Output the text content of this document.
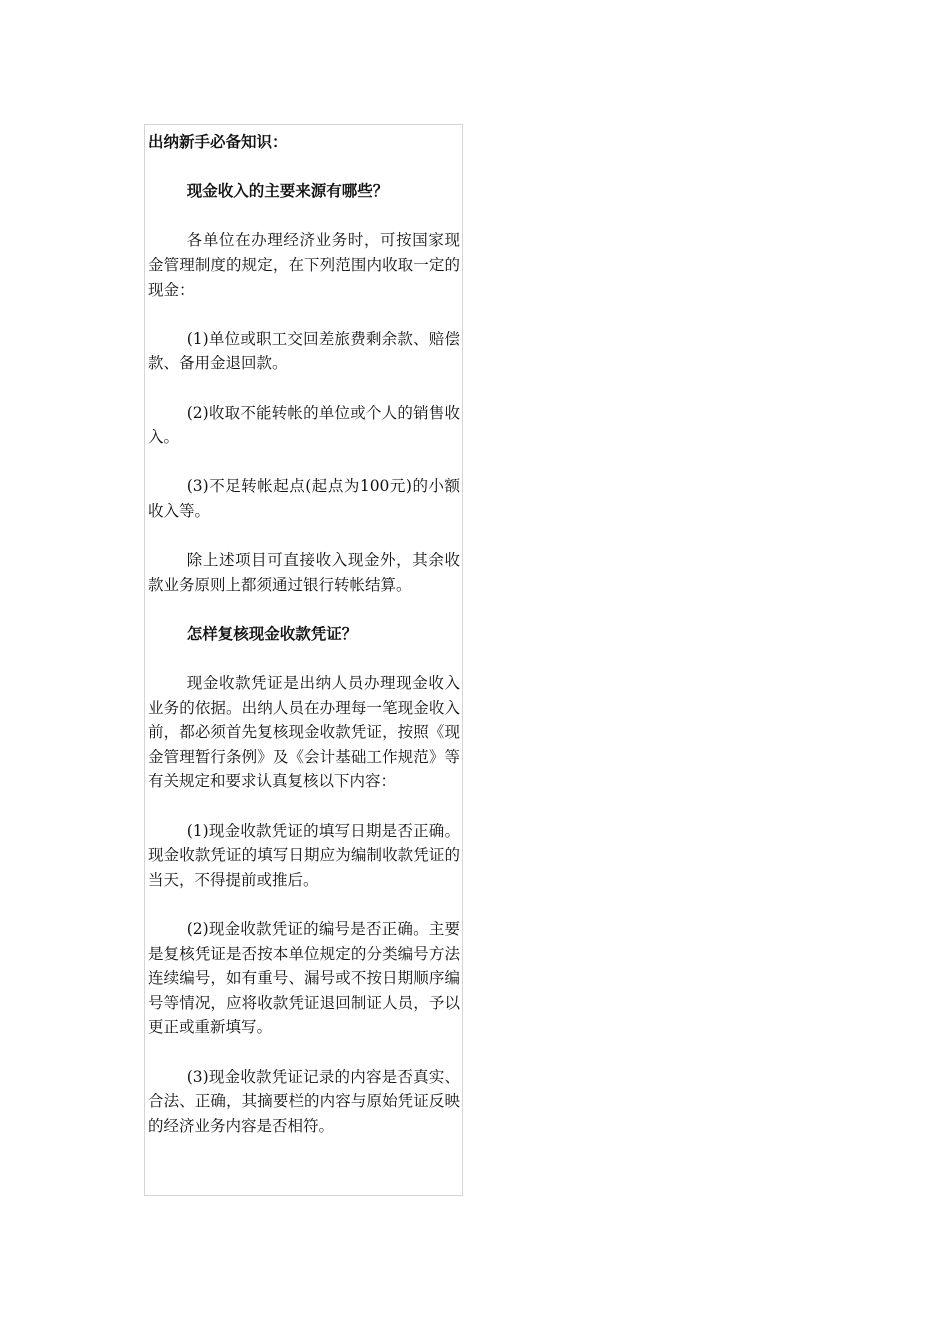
出纳新手必备知识：

现金收入的主要来源有哪些？

各单位在办理经济业务时，可按国家现金管理制度的规定，在下列范围内收取一定的现金：

(1)单位或职工交回差旅费剩余款、赔偿款、备用金退回款。

(2)收取不能转帐的单位或个人的销售收入。

(3)不足转帐起点(起点为100元)的小额收入等。

除上述项目可直接收入现金外，其余收款业务原则上都须通过银行转帐结算。

怎样复核现金收款凭证？

现金收款凭证是出纳人员办理现金收入业务的依据。出纳人员在办理每一笔现金收入前，都必须首先复核现金收款凭证，按照《现金管理暂行条例》及《会计基础工作规范》等有关规定和要求认真复核以下内容：

(1)现金收款凭证的填写日期是否正确。现金收款凭证的填写日期应为编制收款凭证的当天，不得提前或推后。

(2)现金收款凭证的编号是否正确。主要是复核凭证是否按本单位规定的分类编号方法连续编号，如有重号、漏号或不按日期顺序编号等情况，应将收款凭证退回制证人员，予以更正或重新填写。

(3)现金收款凭证记录的内容是否真实、合法、正确，其摘要栏的内容与原始凭证反映的经济业务内容是否相符。
